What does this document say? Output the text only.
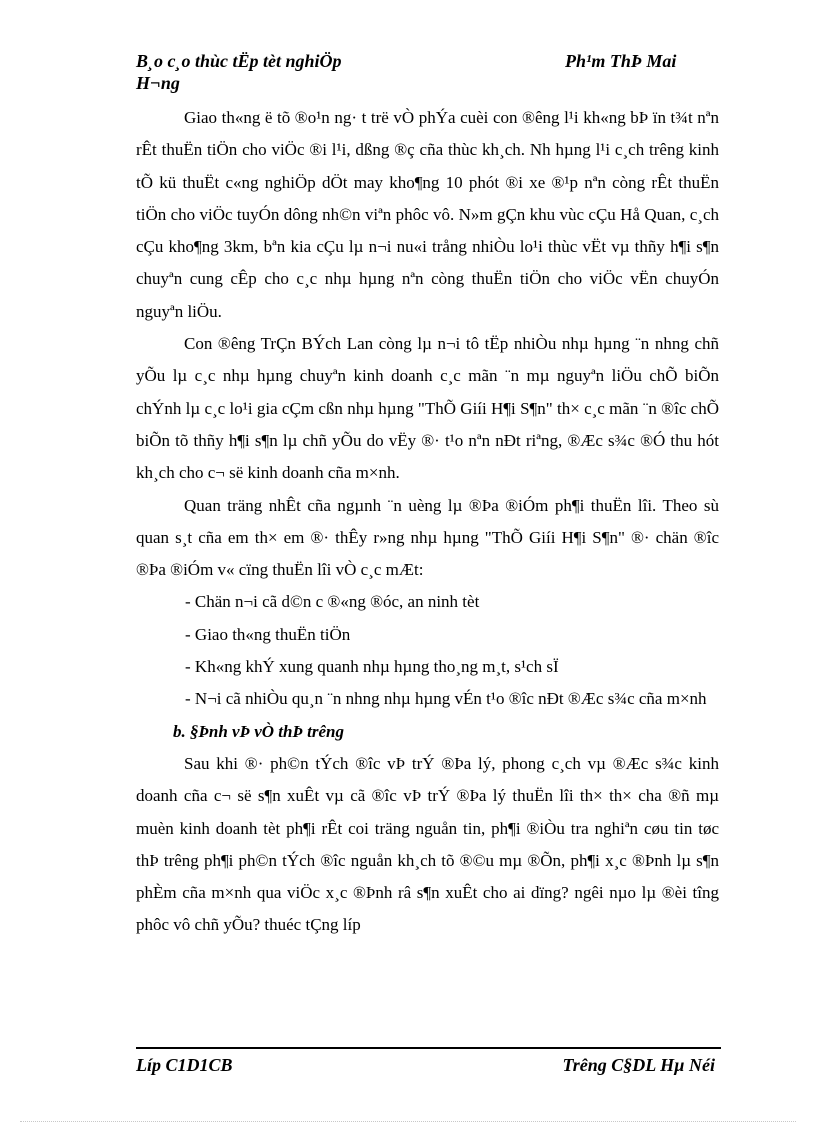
B¸o c¸o thùc tËp tèt nghiÖp	Ph¹m ThÞ Mai
H¬ng

Giao th«ng ë tõ ®o¹n ng· t trë vÒ phÝa cuèi con ®êng l¹i kh«ng bÞ ïn t¾t nªn rÊt thuËn tiÖn cho viÖc ®i l¹i, dßng ®ç cña thùc kh¸ch. Nh hµng l¹i c¸ch trêng kinh tÕ kü thuËt c«ng nghiÖp dÖt may kho¶ng 10 phót ®i xe ®¹p nªn còng rÊt thuËn tiÖn cho viÖc tuyÓn dông nh©n viªn phôc vô. N»m gÇn khu vùc cÇu Hå Quan, c¸ch cÇu kho¶ng 3km, bªn kia cÇu lµ n¬i nu«i trång nhiÒu lo¹i thùc vËt vµ thñy h¶i s¶n chuyªn cung cÊp cho c¸c nhµ hµng nªn còng thuËn tiÖn cho viÖc vËn chuyÓn nguyªn liÖu.

Con ®êng TrÇn BÝch Lan còng lµ n¬i tô tËp nhiÒu nhµ hµng ¨n nhng chñ yÕu lµ c¸c nhµ hµng chuyªn kinh doanh c¸c mãn ¨n mµ nguyªn liÖu chÕ biÕn chÝnh lµ c¸c lo¹i gia cÇm cßn nhµ hµng "ThÕ Giíi H¶i S¶n" th× c¸c mãn ¨n ®îc chÕ biÕn tõ thñy h¶i s¶n lµ chñ yÕu do vËy ®· t¹o nªn nÐt riªng, ®Æc s¾c ®Ó thu hót kh¸ch cho c¬ së kinh doanh cña m×nh.

Quan träng nhÊt cña ngµnh ¨n uèng lµ ®Þa ®iÓm ph¶i thuËn lîi. Theo sù quan s¸t cña em th× em ®· thÊy r»ng nhµ hµng "ThÕ Giíi H¶i S¶n" ®· chän ®îc ®Þa ®iÓm v« cïng thuËn lîi vÒ c¸c mÆt:

- Chän n¬i cã d©n c ®«ng ®óc, an ninh tèt

- Giao th«ng thuËn tiÖn

- Kh«ng khÝ xung quanh nhµ hµng tho¸ng m¸t, s¹ch sÏ

- N¬i cã nhiÒu qu¸n ¨n nhng nhµ hµng vÉn t¹o ®îc nÐt ®Æc s¾c cña m×nh

b. §Þnh vÞ vÒ thÞ trêng

Sau khi ®· ph©n tÝch ®îc vÞ trÝ ®Þa lý, phong c¸ch vµ ®Æc s¾c kinh doanh cña c¬ së s¶n xuÊt vµ cã ®îc vÞ trÝ ®Þa lý thuËn lîi th× th× cha ®ñ mµ muèn kinh doanh tèt ph¶i rÊt coi träng nguån tin, ph¶i ®iÒu tra nghiªn cøu tin tøc thÞ trêng ph¶i ph©n tÝch ®îc nguån kh¸ch tõ ®©u mµ ®Õn, ph¶i x¸c ®Þnh lµ s¶n phÈm cña m×nh qua viÖc x¸c ®Þnh râ s¶n xuÊt cho ai dïng? ngêi nµo lµ ®èi tîng phôc vô chñ yÕu? thuéc tÇng líp

Líp C1D1CB	Trêng C§DL Hµ Néi
